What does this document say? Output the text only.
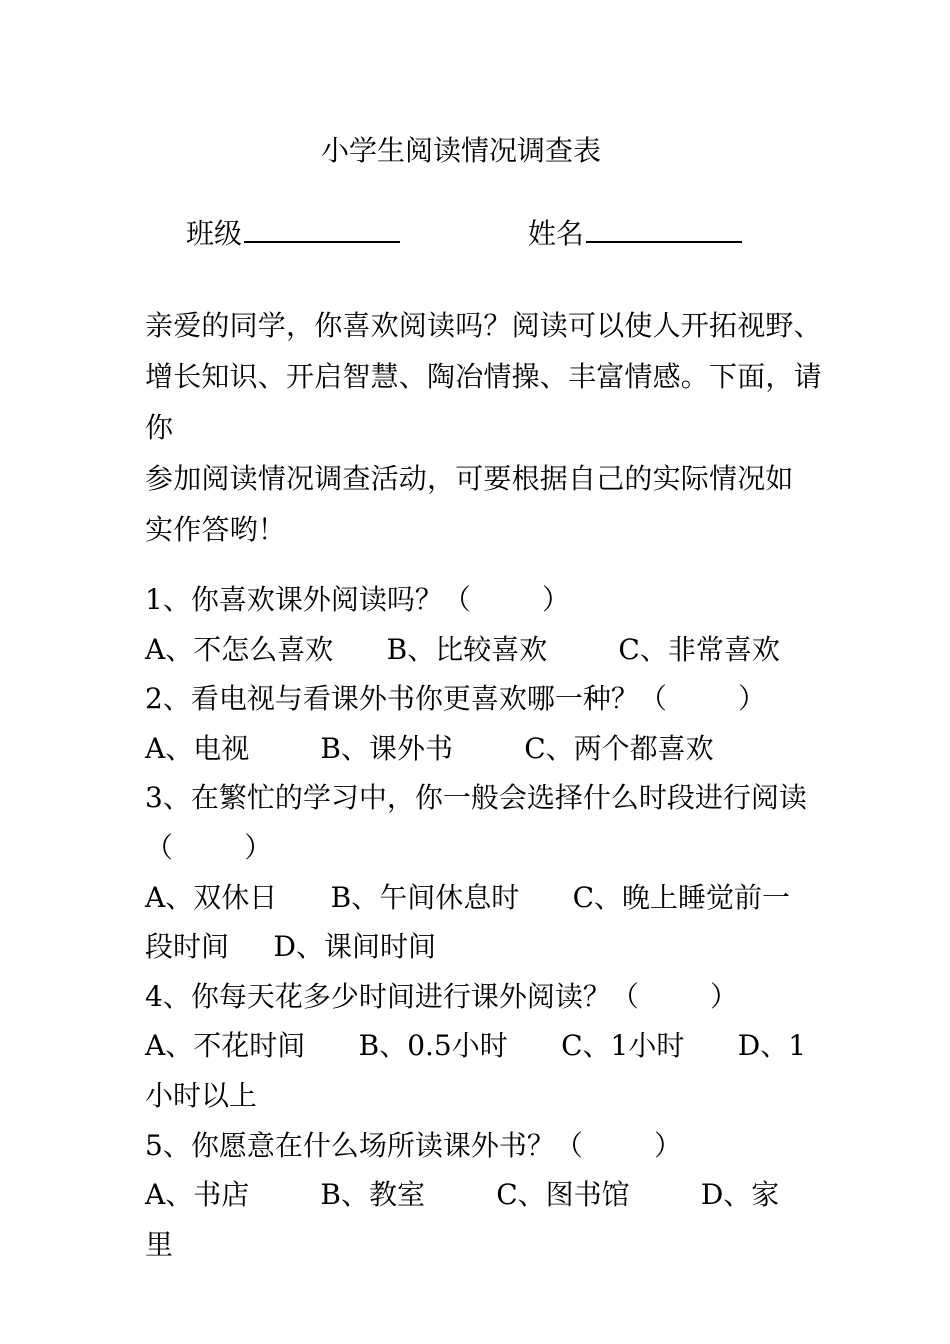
小学生阅读情况调查表
班级	姓名
亲爱的同学，你喜欢阅读吗？阅读可以使人开拓视野、
增长知识、开启智慧、陶冶情操、丰富情感。下面，请你
参加阅读情况调查活动，可要根据自己的实际情况如
实作答哟！
1、你喜欢课外阅读吗？（        ）
A、不怎么喜欢      B、比较喜欢        C、非常喜欢
2、看电视与看课外书你更喜欢哪一种？（        ）
A、电视        B、课外书        C、两个都喜欢
3、在繁忙的学习中，你一般会选择什么时段进行阅读
（        ）
A、双休日      B、午间休息时      C、晚上睡觉前一
段时间     D、课间时间
4、你每天花多少时间进行课外阅读？（        ）
A、不花时间      B、0.5小时      C、1小时      D、1
小时以上
5、你愿意在什么场所读课外书？（        ）
A、书店        B、教室        C、图书馆        D、家
里
